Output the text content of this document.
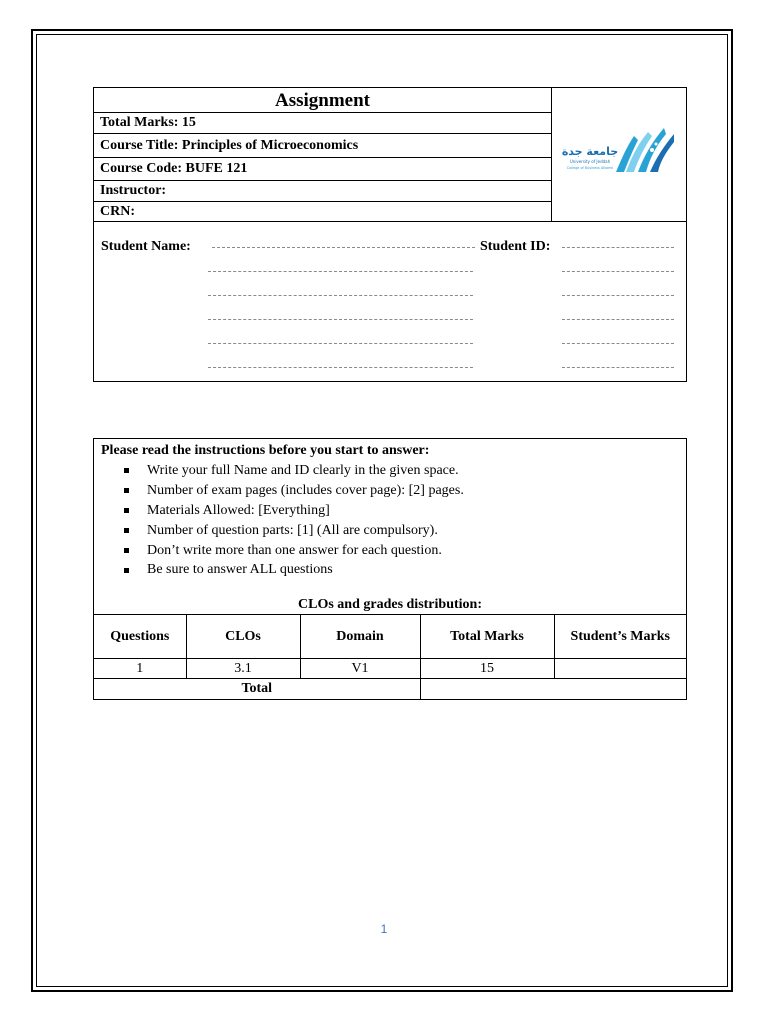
Assignment
Total Marks: 15
Course Title: Principles of Microeconomics
Course Code: BUFE 121
Instructor:
CRN:
جامعة جدة
University of Jeddah
College of Business Alkamil
Student Name:	Student ID:
Please read the instructions before you start to answer:
Write your full Name and ID clearly in the given space.
Number of exam pages (includes cover page): [2] pages.
Materials Allowed: [Everything]
Number of question parts: [1] (All are compulsory).
Don’t write more than one answer for each question.
Be sure to answer ALL questions
CLOs and grades distribution:
Questions	CLOs	Domain	Total Marks	Student’s Marks
1	3.1	V1	15	
Total				
1
